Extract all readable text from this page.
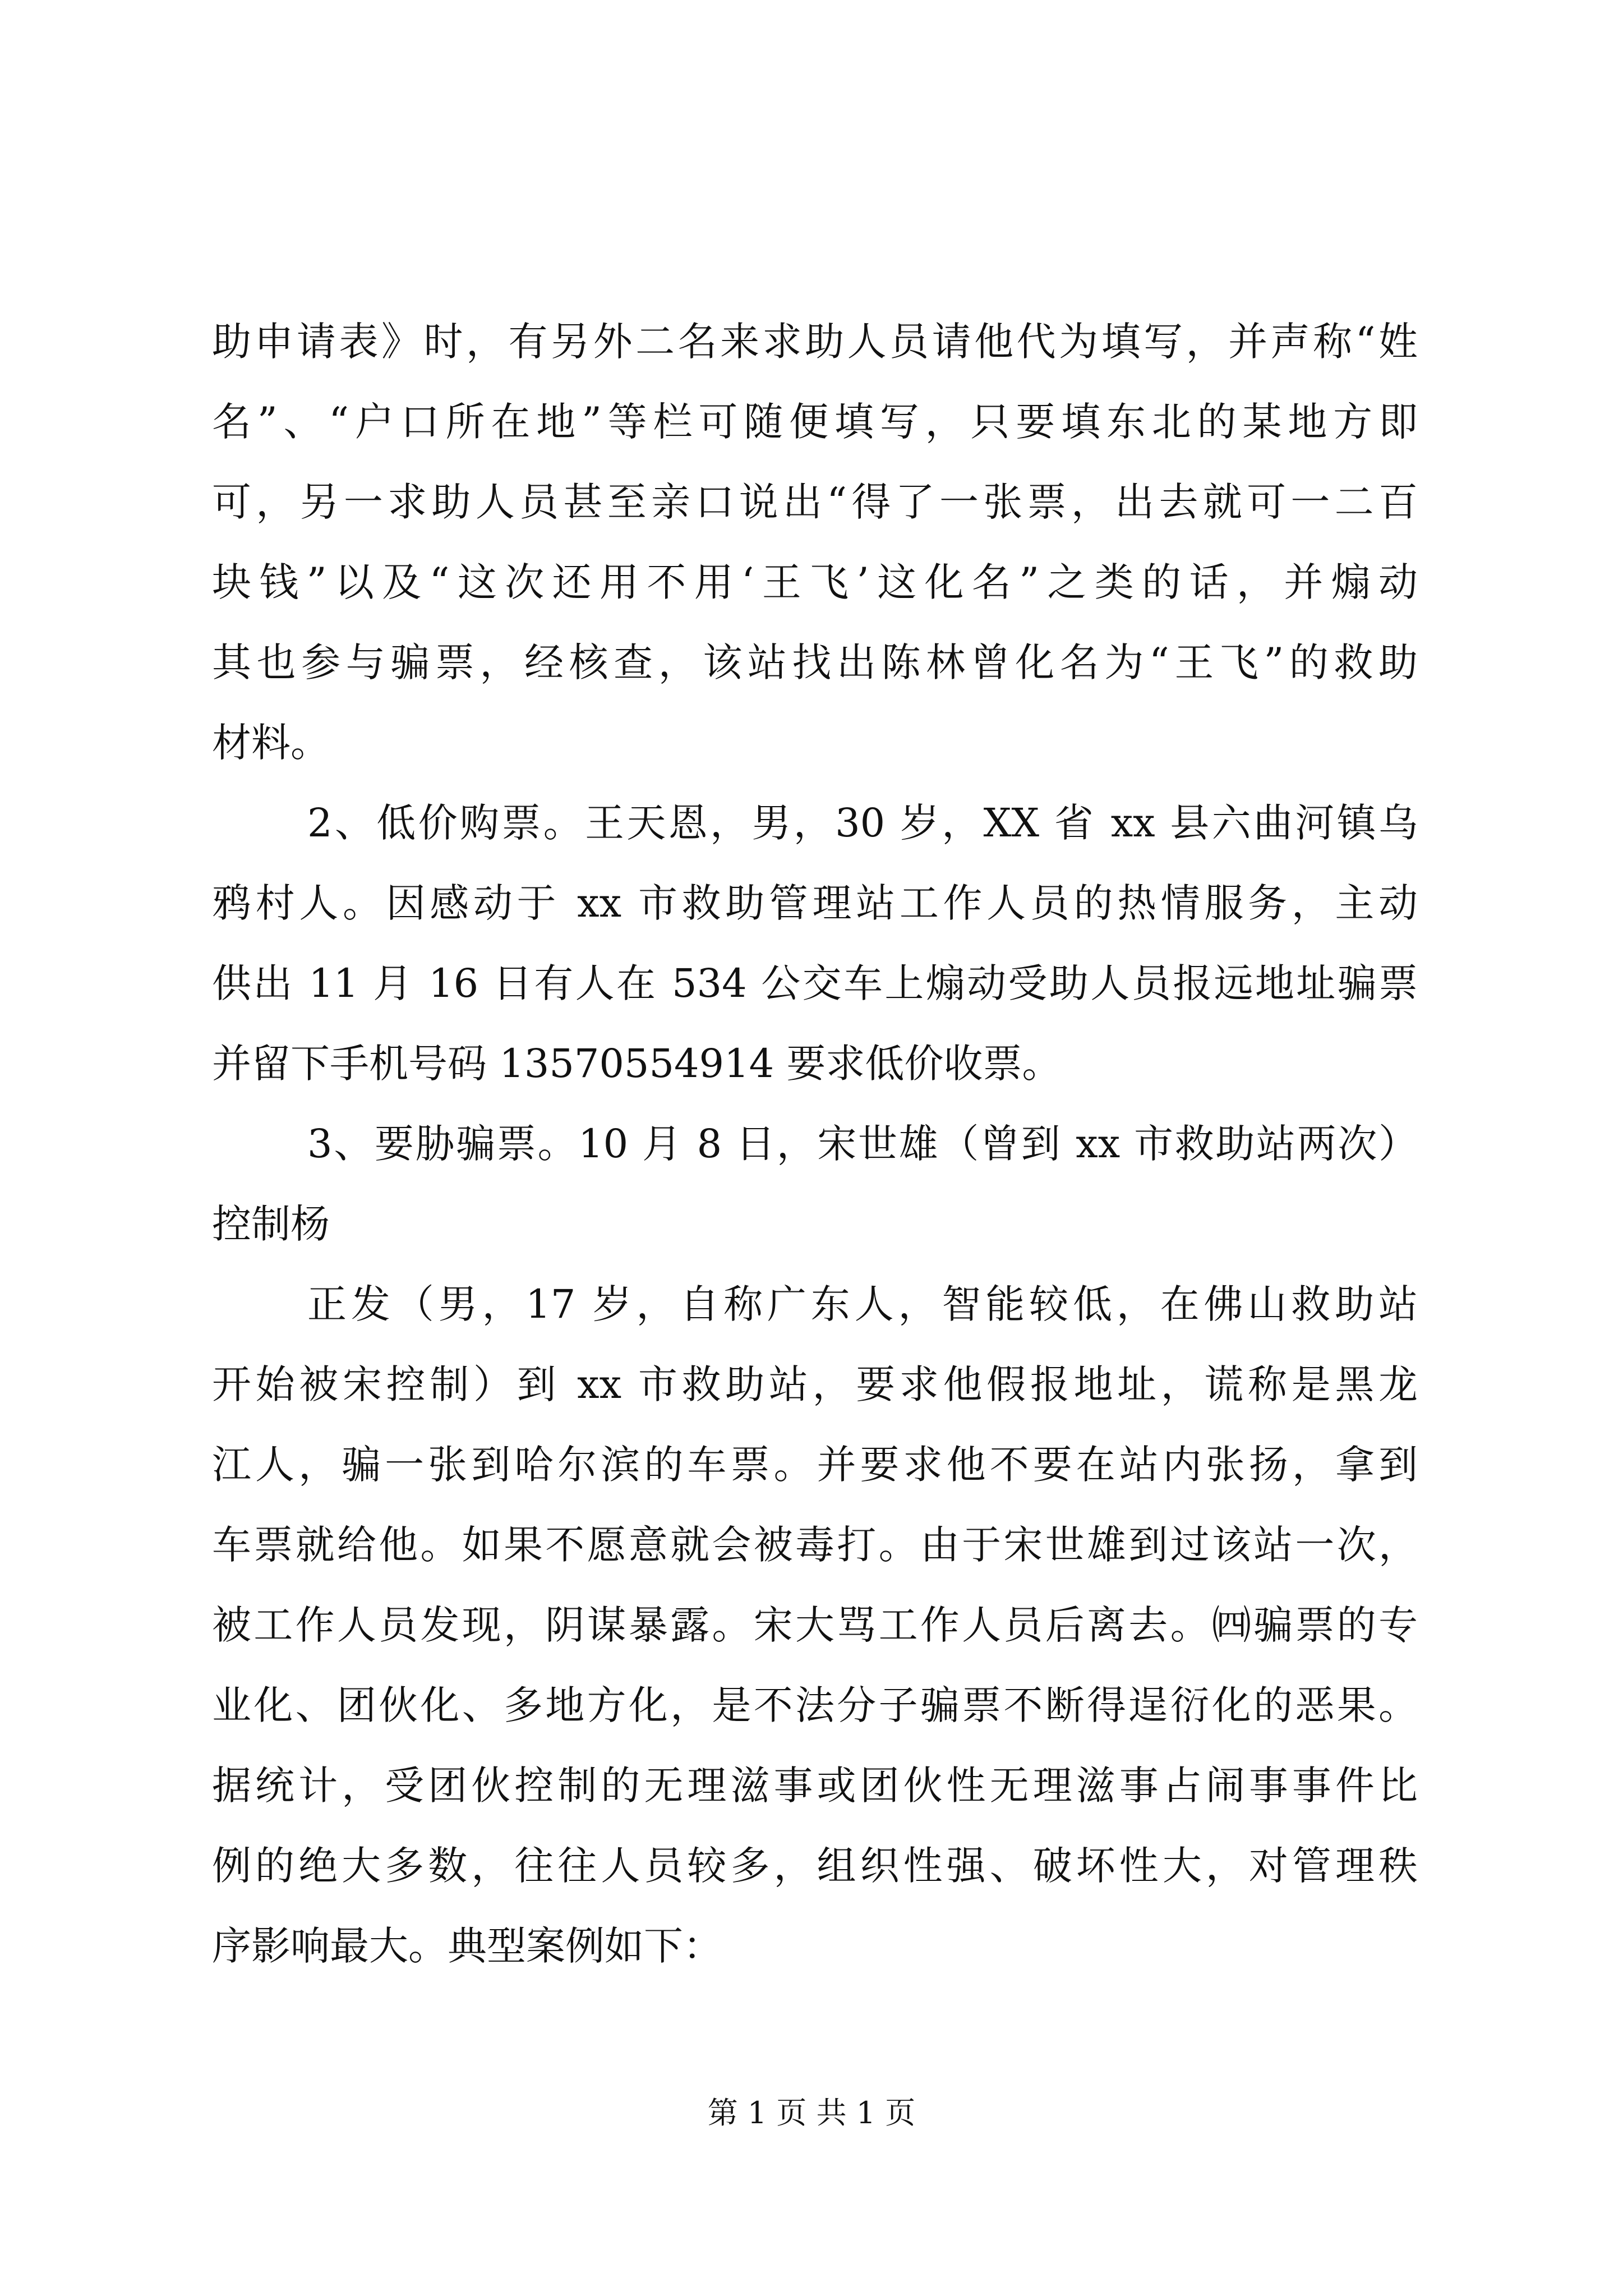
助申请表》时，有另外二名来求助人员请他代为填写，并声称“姓
名”、“户口所在地”等栏可随便填写，只要填东北的某地方即
可，另一求助人员甚至亲口说出“得了一张票，出去就可一二百
块钱”以及“这次还用不用‘王飞’这化名”之类的话，并煽动
其也参与骗票，经核查，该站找出陈林曾化名为“王飞”的救助
材料。
2、低价购票。王天恩，男，30 岁，XX 省 xx 县六曲河镇乌
鸦村人。因感动于 xx 市救助管理站工作人员的热情服务，主动
供出 11 月 16 日有人在 534 公交车上煽动受助人员报远地址骗票
并留下手机号码 13570554914 要求低价收票。
3、要胁骗票。10 月 8 日，宋世雄（曾到 xx 市救助站两次）
控制杨
正发（男，17 岁，自称广东人，智能较低，在佛山救助站
开始被宋控制）到 xx 市救助站，要求他假报地址，谎称是黑龙
江人，骗一张到哈尔滨的车票。并要求他不要在站内张扬，拿到
车票就给他。如果不愿意就会被毒打。由于宋世雄到过该站一次，
被工作人员发现，阴谋暴露。宋大骂工作人员后离去。㈣骗票的专
业化、团伙化、多地方化，是不法分子骗票不断得逞衍化的恶果。
据统计，受团伙控制的无理滋事或团伙性无理滋事占闹事事件比
例的绝大多数，往往人员较多，组织性强、破坏性大，对管理秩
序影响最大。典型案例如下：
第 1 页 共 1 页
